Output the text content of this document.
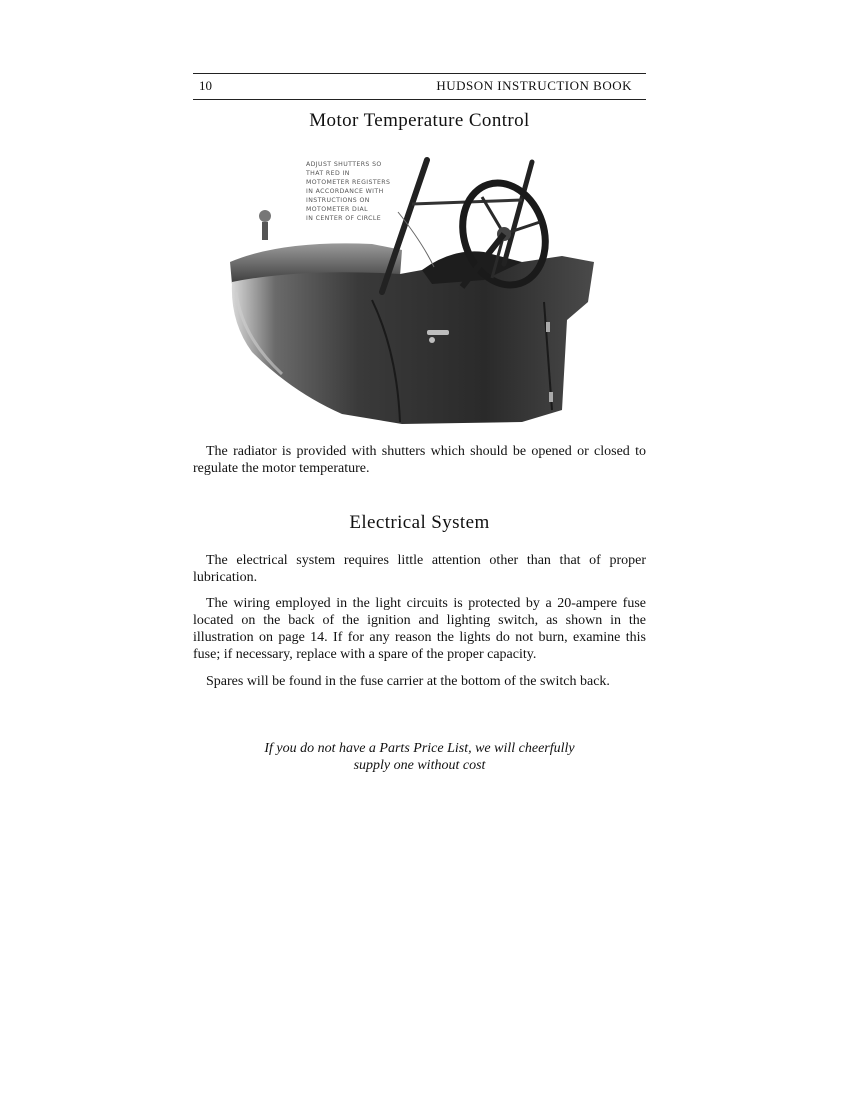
10	HUDSON INSTRUCTION BOOK
Motor Temperature Control
ADJUST SHUTTERS SO
THAT RED IN
MOTOMETER REGISTERS
IN ACCORDANCE WITH
INSTRUCTIONS ON
MOTOMETER DIAL
IN CENTER OF CIRCLE

The radiator is provided with shutters which should be opened or closed to regulate the motor temperature.

Electrical System

The electrical system requires little attention other than that of proper lubrication.

The wiring employed in the light circuits is protected by a 20-ampere fuse located on the back of the ignition and lighting switch, as shown in the illustration on page 14. If for any reason the lights do not burn, examine this fuse; if necessary, replace with a spare of the proper capacity.

Spares will be found in the fuse carrier at the bottom of the switch back.

If you do not have a Parts Price List, we will cheerfully
supply one without cost
